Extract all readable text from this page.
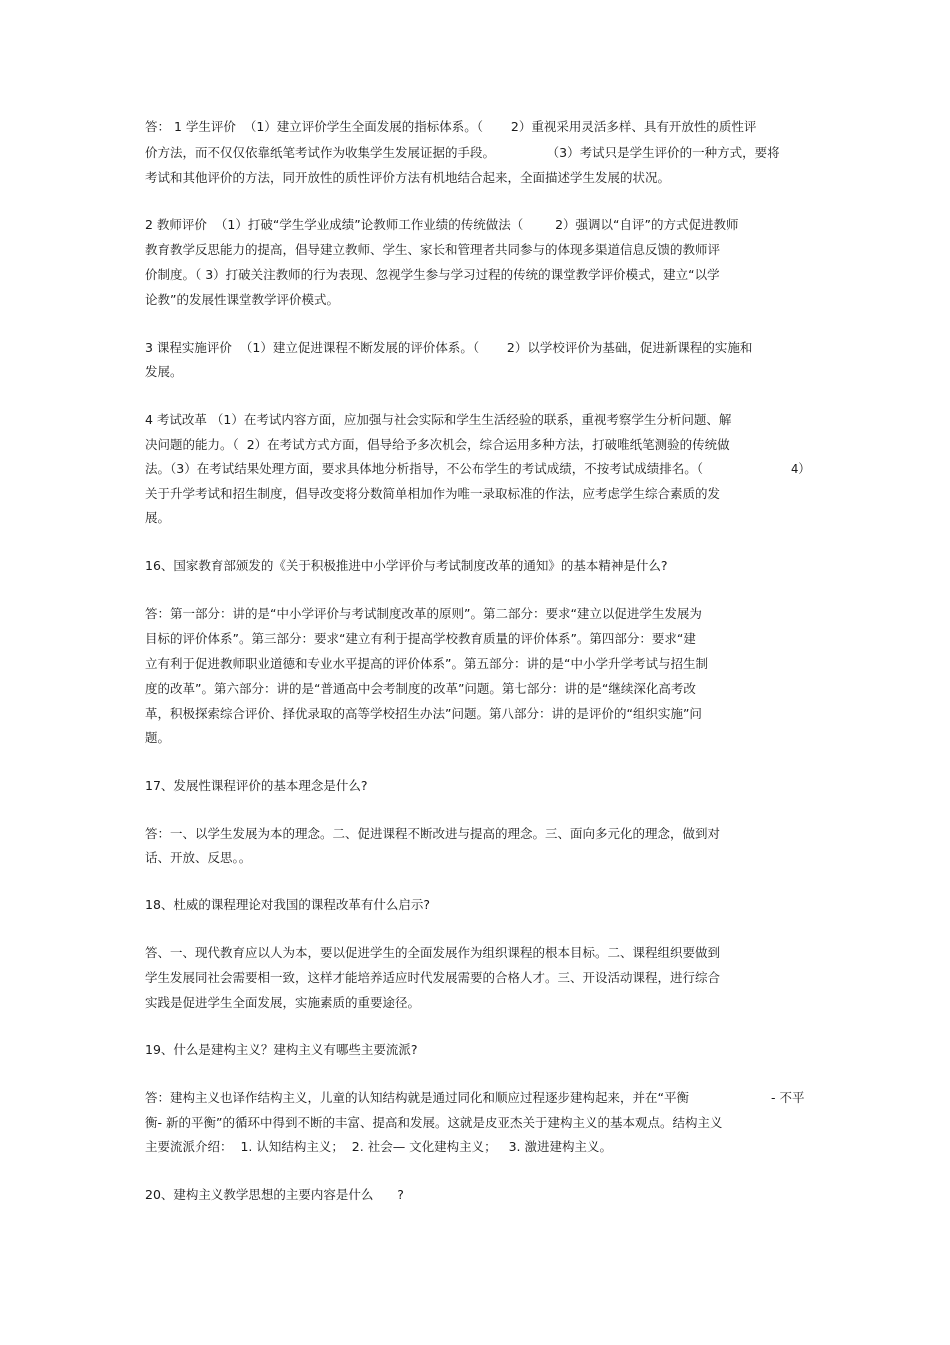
答： 1 学生评价  （1）建立评价学生全面发展的指标体系。（       2）重视采用灵活多样、具有开放性的质性评

价方法，而不仅仅依靠纸笔考试作为收集学生发展证据的手段。             （3）考试只是学生评价的一种方式，要将

考试和其他评价的方法，同开放性的质性评价方法有机地结合起来，全面描述学生发展的状况。

2 教师评价  （1）打破“学生学业成绩”论教师工作业绩的传统做法（        2）强调以“自评”的方式促进教师

教育教学反思能力的提高，倡导建立教师、学生、家长和管理者共同参与的体现多渠道信息反馈的教师评

价制度。（ 3）打破关注教师的行为表现、忽视学生参与学习过程的传统的课堂教学评价模式，建立“以学

论教”的发展性课堂教学评价模式。

3 课程实施评价  （1）建立促进课程不断发展的评价体系。（       2）以学校评价为基础，促进新课程的实施和

发展。

4 考试改革 （1）在考试内容方面，应加强与社会实际和学生生活经验的联系，重视考察学生分析问题、解

决问题的能力。（  2）在考试方式方面，倡导给予多次机会，综合运用多种方法，打破唯纸笔测验的传统做

法。（3）在考试结果处理方面，要求具体地分析指导，不公布学生的考试成绩，不按考试成绩排名。（	4）

关于升学考试和招生制度，倡导改变将分数简单相加作为唯一录取标准的作法，应考虑学生综合素质的发

展。

16、国家教育部颁发的《关于积极推进中小学评价与考试制度改革的通知》的基本精神是什么?

答：第一部分：讲的是“中小学评价与考试制度改革的原则”。第二部分：要求“建立以促进学生发展为

目标的评价体系”。第三部分：要求“建立有利于提高学校教育质量的评价体系”。第四部分：要求“建

立有利于促进教师职业道德和专业水平提高的评价体系”。第五部分：讲的是“中小学升学考试与招生制

度的改革”。第六部分：讲的是“普通高中会考制度的改革”问题。第七部分：讲的是“继续深化高考改

革，积极探索综合评价、择优录取的高等学校招生办法”问题。第八部分：讲的是评价的“组织实施”问

题。

17、发展性课程评价的基本理念是什么?

答：一、以学生发展为本的理念。二、促进课程不断改进与提高的理念。三、面向多元化的理念，做到对

话、开放、反思。。

18、杜威的课程理论对我国的课程改革有什么启示?

答、一、现代教育应以人为本，要以促进学生的全面发展作为组织课程的根本目标。二、课程组织要做到

学生发展同社会需要相一致，这样才能培养适应时代发展需要的合格人才。三、开设活动课程，进行综合

实践是促进学生全面发展，实施素质的重要途径。

19、什么是建构主义？建构主义有哪些主要流派?

答：建构主义也译作结构主义，儿童的认知结构就是通过同化和顺应过程逐步建构起来，并在“平衡	- 不平

衡- 新的平衡”的循环中得到不断的丰富、提高和发展。这就是皮亚杰关于建构主义的基本观点。结构主义

主要流派介绍：  1. 认知结构主义；  2. 社会— 文化建构主义；   3. 激进建构主义。

20、建构主义教学思想的主要内容是什么      ?
